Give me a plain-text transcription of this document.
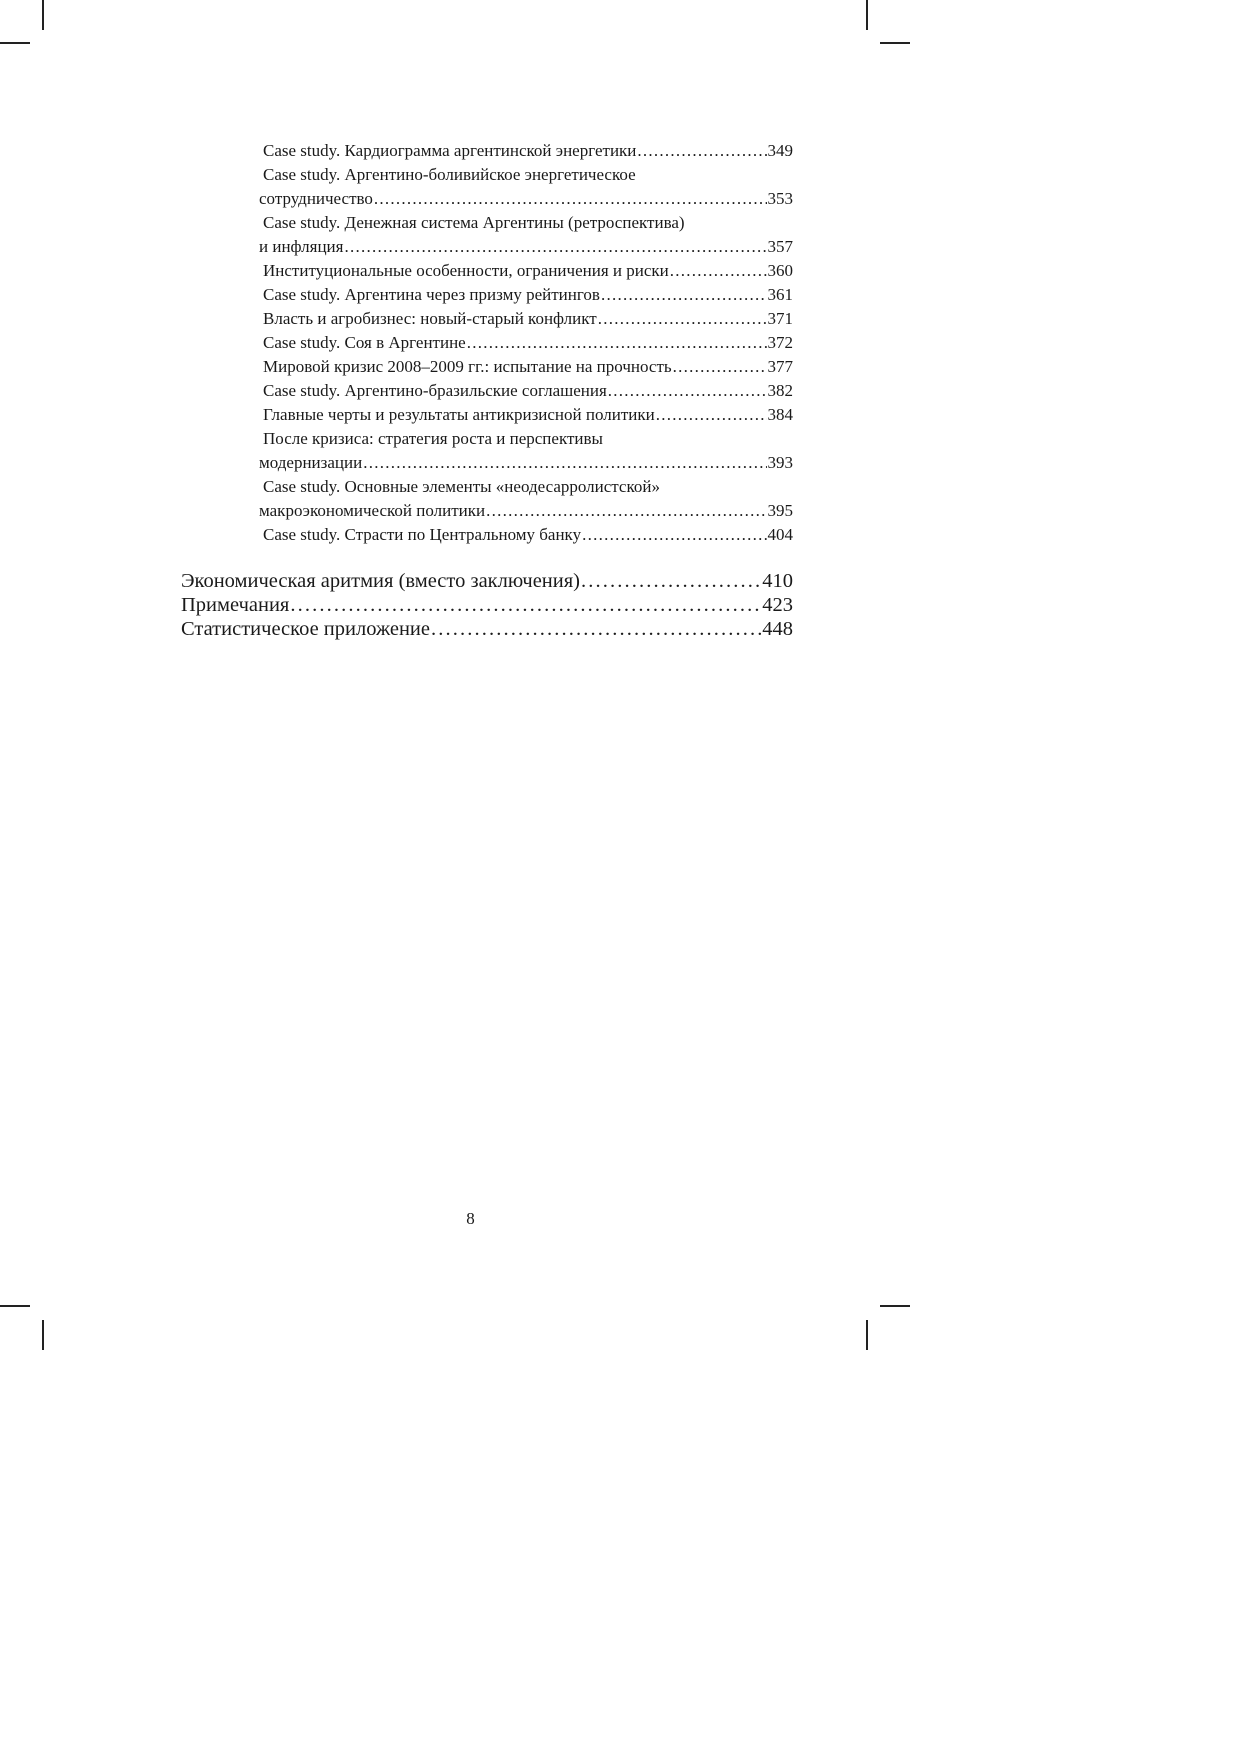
Case study. Кардиограмма аргентинской энергетики . . .	349
Case study. Аргентино-боливийское энергетическое
сотрудничество . . .	353
Case study. Денежная система Аргентины (ретроспектива)
и инфляция . . .	357
Институциональные особенности, ограничения и риски . . .	360
Case study. Аргентина через призму рейтингов . . .	361
Власть и агробизнес: новый-старый конфликт . . .	371
Case study. Соя в Аргентине . . .	372
Мировой кризис 2008–2009 гг.: испытание на прочность . . .	377
Case study. Аргентино-бразильские соглашения . . .	382
Главные черты и результаты антикризисной политики . . .	384
После кризиса: стратегия роста и перспективы
модернизации . . .	393
Case study. Основные элементы «неодесарролистской»
макроэкономической политики . . .	395
Case study. Страсти по Центральному банку . . .	404
Экономическая аритмия (вместо заключения) . . .	410
Примечания . . .	423
Статистическое приложение . . .	448
8
